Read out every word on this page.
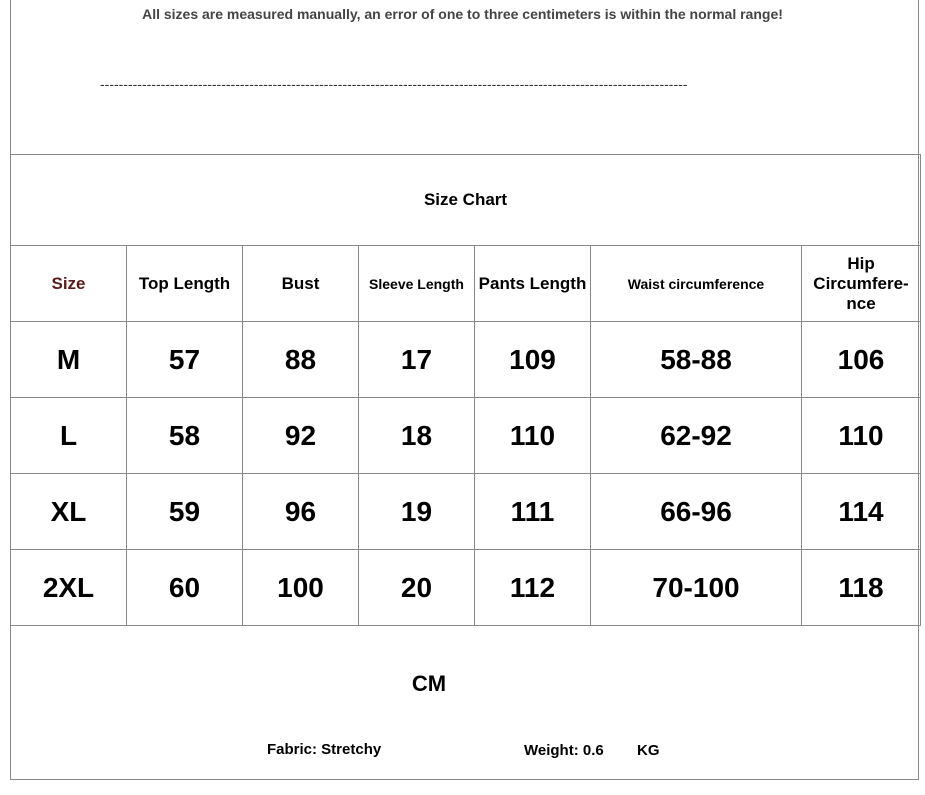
All sizes are measured manually, an error of one to three centimeters is within the normal range!
------------------------------------------------------------------------------------------------------------------------------
Size Chart						
Size	Top Length	Bust	Sleeve Length	Pants Length	Waist circumference	Hip Circumfere-nce
M	57	88	17	109	58-88	106
L	58	92	18	110	62-92	110
XL	59	96	19	111	66-96	114
2XL	60	100	20	112	70-100	118
CM
Fabric: Stretchy	Weight: 0.6 KG
